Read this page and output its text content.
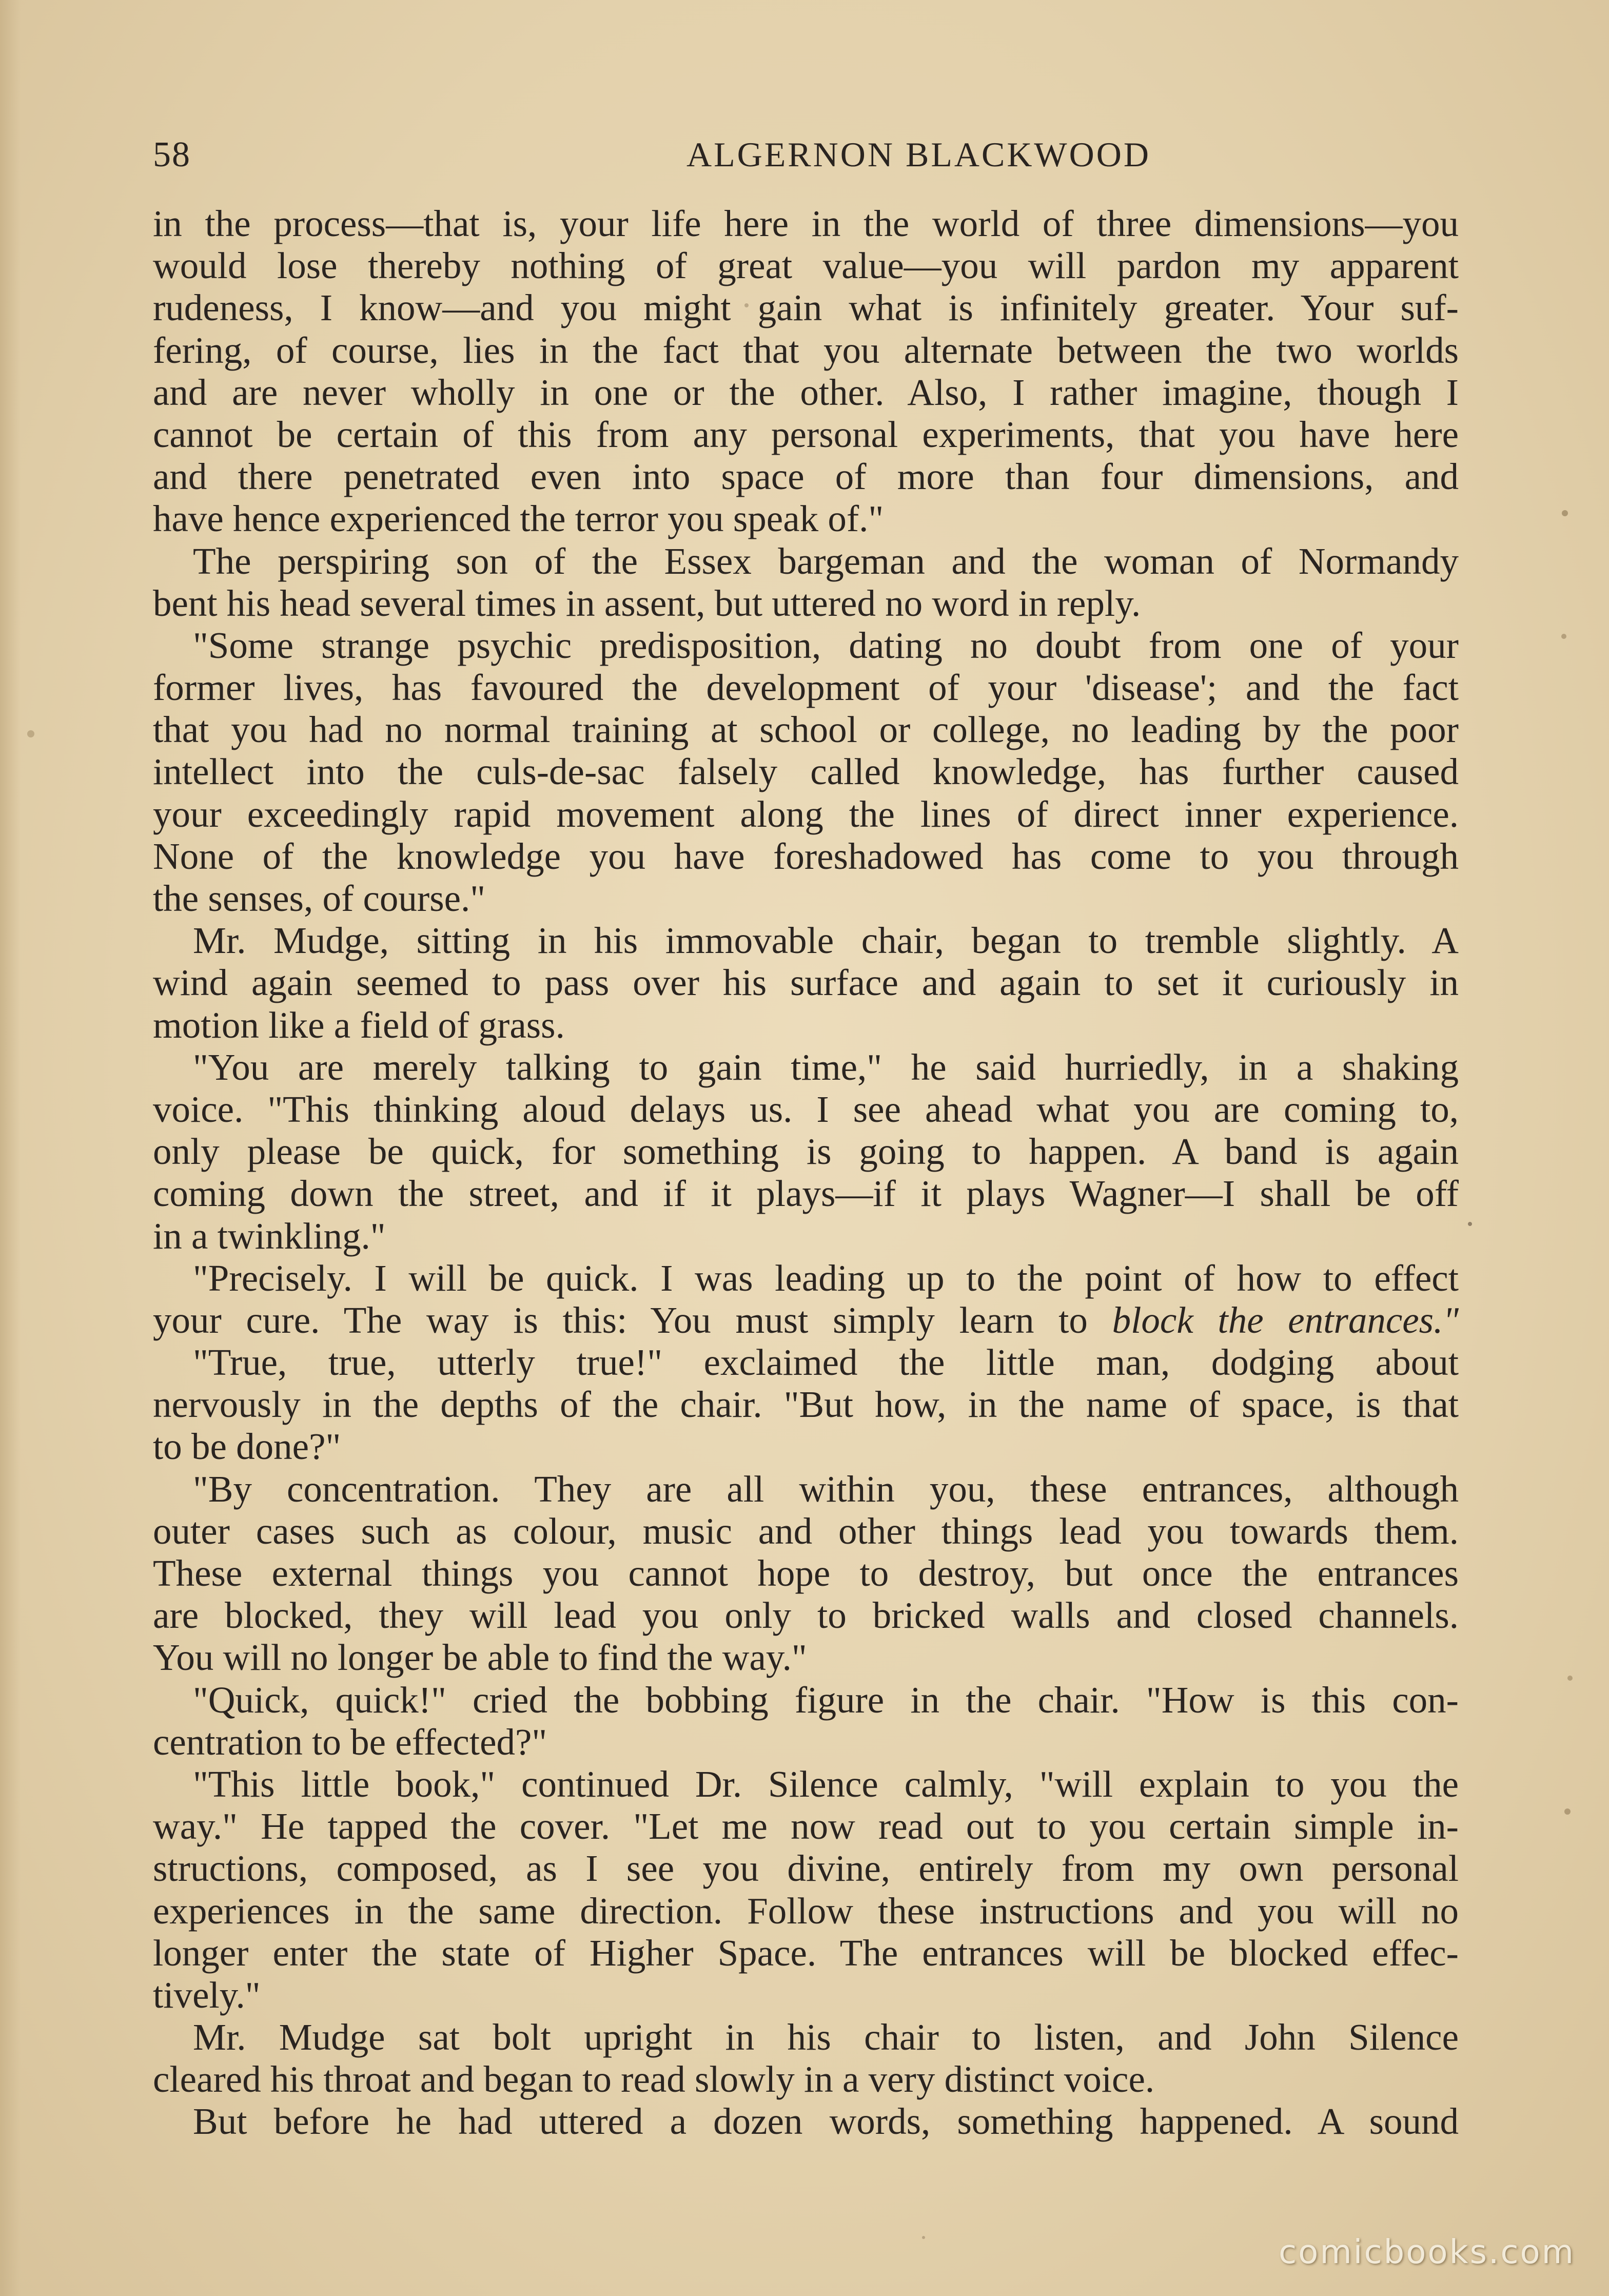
58	ALGERNON BLACKWOOD
in the process—that is, your life here in the world of three dimensions—you
would lose thereby nothing of great value—you will pardon my apparent
rudeness, I know—and you might gain what is infinitely greater. Your suf-
fering, of course, lies in the fact that you alternate between the two worlds
and are never wholly in one or the other. Also, I rather imagine, though I
cannot be certain of this from any personal experiments, that you have here
and there penetrated even into space of more than four dimensions, and
have hence experienced the terror you speak of."
The perspiring son of the Essex bargeman and the woman of Normandy
bent his head several times in assent, but uttered no word in reply.
"Some strange psychic predisposition, dating no doubt from one of your
former lives, has favoured the development of your 'disease'; and the fact
that you had no normal training at school or college, no leading by the poor
intellect into the culs-de-sac falsely called knowledge, has further caused
your exceedingly rapid movement along the lines of direct inner experience.
None of the knowledge you have foreshadowed has come to you through
the senses, of course."
Mr. Mudge, sitting in his immovable chair, began to tremble slightly. A
wind again seemed to pass over his surface and again to set it curiously in
motion like a field of grass.
"You are merely talking to gain time," he said hurriedly, in a shaking
voice. "This thinking aloud delays us. I see ahead what you are coming to,
only please be quick, for something is going to happen. A band is again
coming down the street, and if it plays—if it plays Wagner—I shall be off
in a twinkling."
"Precisely. I will be quick. I was leading up to the point of how to effect
your cure. The way is this: You must simply learn to block the entrances."
"True, true, utterly true!" exclaimed the little man, dodging about
nervously in the depths of the chair. "But how, in the name of space, is that
to be done?"
"By concentration. They are all within you, these entrances, although
outer cases such as colour, music and other things lead you towards them.
These external things you cannot hope to destroy, but once the entrances
are blocked, they will lead you only to bricked walls and closed channels.
You will no longer be able to find the way."
"Quick, quick!" cried the bobbing figure in the chair. "How is this con-
centration to be effected?"
"This little book," continued Dr. Silence calmly, "will explain to you the
way." He tapped the cover. "Let me now read out to you certain simple in-
structions, composed, as I see you divine, entirely from my own personal
experiences in the same direction. Follow these instructions and you will no
longer enter the state of Higher Space. The entrances will be blocked effec-
tively."
Mr. Mudge sat bolt upright in his chair to listen, and John Silence
cleared his throat and began to read slowly in a very distinct voice.
But before he had uttered a dozen words, something happened. A sound
comicbooks.com
